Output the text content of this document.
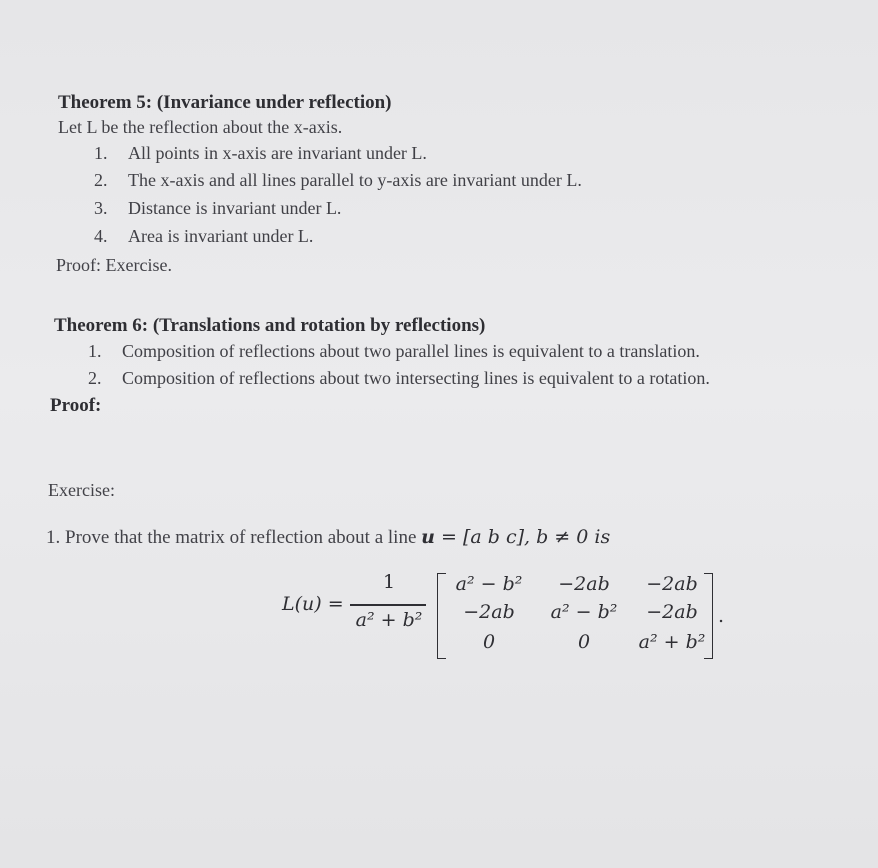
Theorem 5: (Invariance under reflection)
Let L be the reflection about the x-axis.
1. All points in x-axis are invariant under L.
2. The x-axis and all lines parallel to y-axis are invariant under L.
3. Distance is invariant under L.
4. Area is invariant under L.
Proof: Exercise.
Theorem 6: (Translations and rotation by reflections)
1. Composition of reflections about two parallel lines is equivalent to a translation.
2. Composition of reflections about two intersecting lines is equivalent to a rotation.
Proof:
Exercise:
1. Prove that the matrix of reflection about a line u = [a b c], b ≠ 0 is
L(u) =
1
a² + b²
a² − b²	−2ab	−2ab
−2ab	a² − b²	−2ab
0	0	a² + b²
.
